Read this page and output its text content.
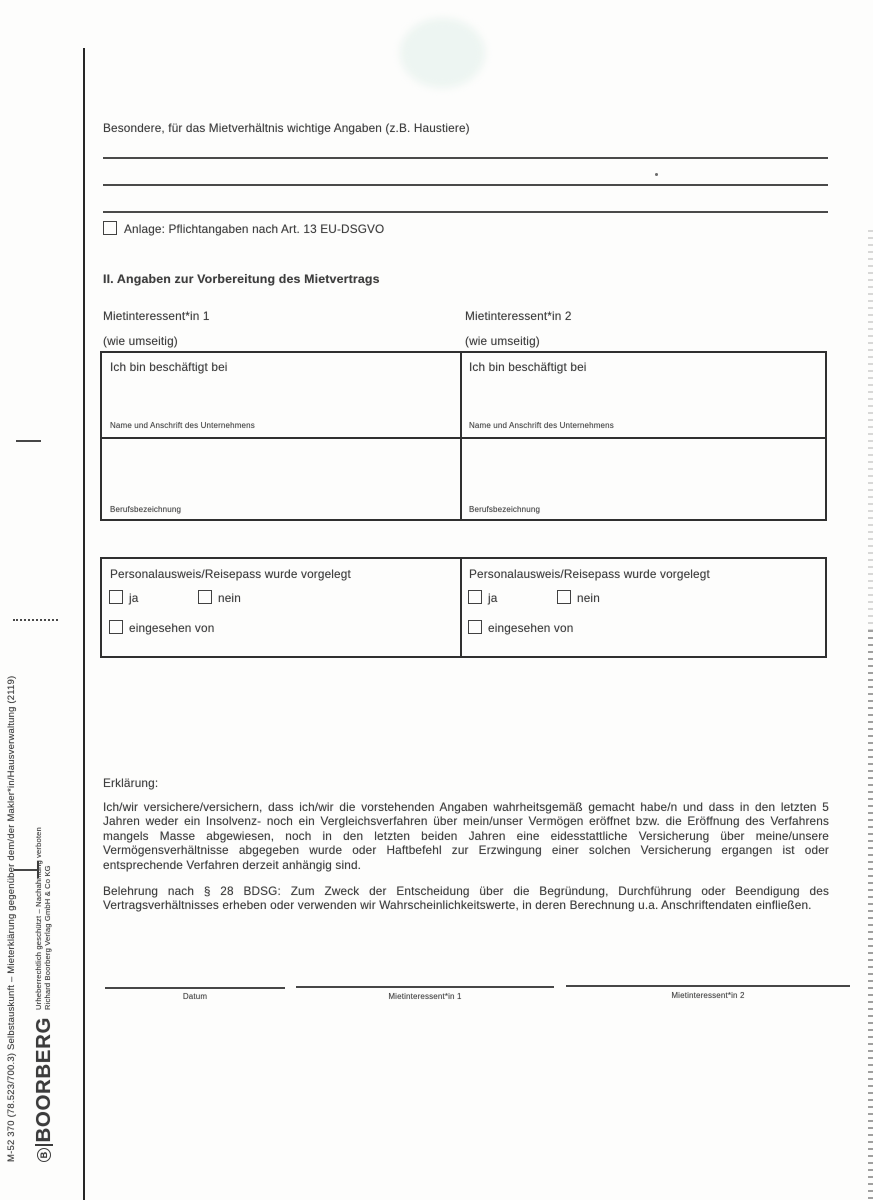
Besondere, für das Mietverhältnis wichtige Angaben (z.B. Haustiere)
Anlage: Pflichtangaben nach Art. 13 EU-DSGVO
II. Angaben zur Vorbereitung des Mietvertrags
Mietinteressent*in 1	Mietinteressent*in 2
(wie umseitig)	(wie umseitig)
Ich bin beschäftigt bei	Ich bin beschäftigt bei
Name und Anschrift des Unternehmens	Name und Anschrift des Unternehmens
Berufsbezeichnung	Berufsbezeichnung
Personalausweis/Reisepass wurde vorgelegt
ja	nein
eingesehen von
Personalausweis/Reisepass wurde vorgelegt
ja	nein
eingesehen von
Erklärung:
Ich/wir versichere/versichern, dass ich/wir die vorstehenden Angaben wahrheitsgemäß gemacht habe/n und dass in den letzten 5 Jahren weder ein Insolvenz- noch ein Vergleichsverfahren über mein/unser Vermögen eröffnet bzw. die Eröffnung des Verfahrens mangels Masse abgewiesen, noch in den letzten beiden Jahren eine eidesstattliche Versicherung über meine/unsere Vermögensverhältnisse abgegeben wurde oder Haftbefehl zur Erzwingung einer solchen Versicherung ergangen ist oder entsprechende Verfahren derzeit anhängig sind.
Belehrung nach § 28 BDSG: Zum Zweck der Entscheidung über die Begründung, Durchführung oder Beendigung des Vertragsverhältnisses erheben oder verwenden wir Wahrscheinlichkeitswerte, in deren Berechnung u.a. Anschriftendaten einfließen.
Datum	Mietinteressent*in 1	Mietinteressent*in 2
M-52 370 (78.523/700.3) Selbstauskunft – Mieterklärung gegenüber dem/der Makler*in/Hausverwaltung (2119) B
BOORBERG
Urheberrechtlich geschützt – Nachahmung verboten Richard Boorberg Verlag GmbH & Co KG
